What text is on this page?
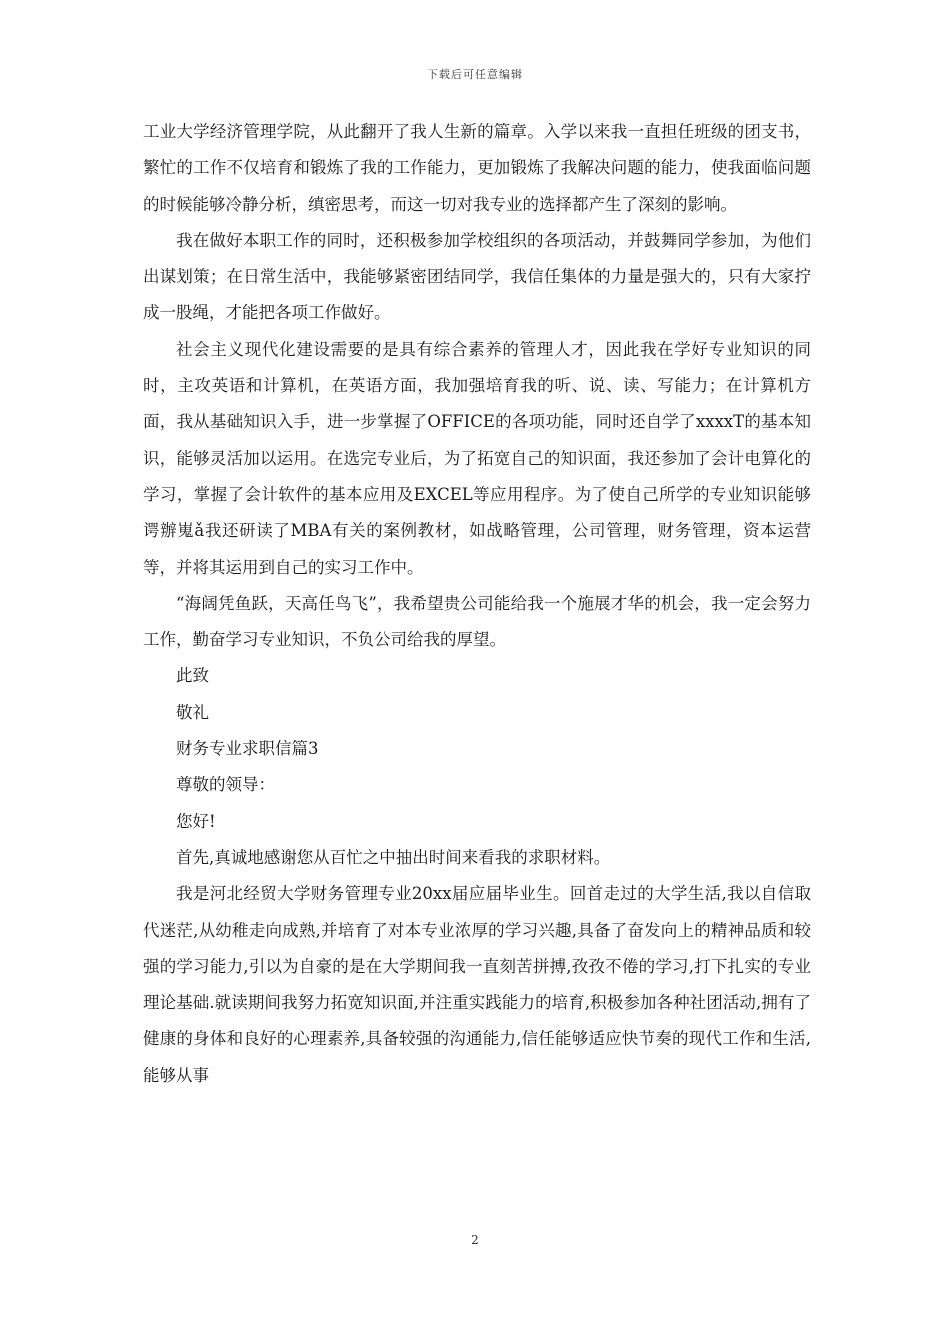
下载后可任意编辑

工业大学经济管理学院，从此翻开了我人生新的篇章。入学以来我一直担任班级的团支书，繁忙的工作不仅培育和锻炼了我的工作能力，更加锻炼了我解决问题的能力，使我面临问题的时候能够冷静分析，缜密思考，而这一切对我专业的选择都产生了深刻的影响。

我在做好本职工作的同时，还积极参加学校组织的各项活动，并鼓舞同学参加，为他们出谋划策；在日常生活中，我能够紧密团结同学，我信任集体的力量是强大的，只有大家拧成一股绳，才能把各项工作做好。

社会主义现代化建设需要的是具有综合素养的管理人才，因此我在学好专业知识的同时，主攻英语和计算机，在英语方面，我加强培育我的听、说、读、写能力；在计算机方面，我从基础知识入手，进一步掌握了OFFICE的各项功能，同时还自学了xxxxT的基本知识，能够灵活加以运用。在选完专业后，为了拓宽自己的知识面，我还参加了会计电算化的学习，掌握了会计软件的基本应用及EXCEL等应用程序。为了使自己所学的专业知识能够谔辦嵬ǎ我还研读了MBA有关的案例教材，如战略管理，公司管理，财务管理，资本运营等，并将其运用到自己的实习工作中。

“海阔凭鱼跃，天高任鸟飞”，我希望贵公司能给我一个施展才华的机会，我一定会努力工作，勤奋学习专业知识，不负公司给我的厚望。

此致

敬礼

财务专业求职信篇3

尊敬的领导：

您好!

首先,真诚地感谢您从百忙之中抽出时间来看我的求职材料。

我是河北经贸大学财务管理专业20xx届应届毕业生。回首走过的大学生活,我以自信取代迷茫,从幼稚走向成熟,并培育了对本专业浓厚的学习兴趣,具备了奋发向上的精神品质和较强的学习能力,引以为自豪的是在大学期间我一直刻苦拼搏,孜孜不倦的学习,打下扎实的专业理论基础.就读期间我努力拓宽知识面,并注重实践能力的培育,积极参加各种社团活动,拥有了健康的身体和良好的心理素养,具备较强的沟通能力,信任能够适应快节奏的现代工作和生活,能够从事

2
